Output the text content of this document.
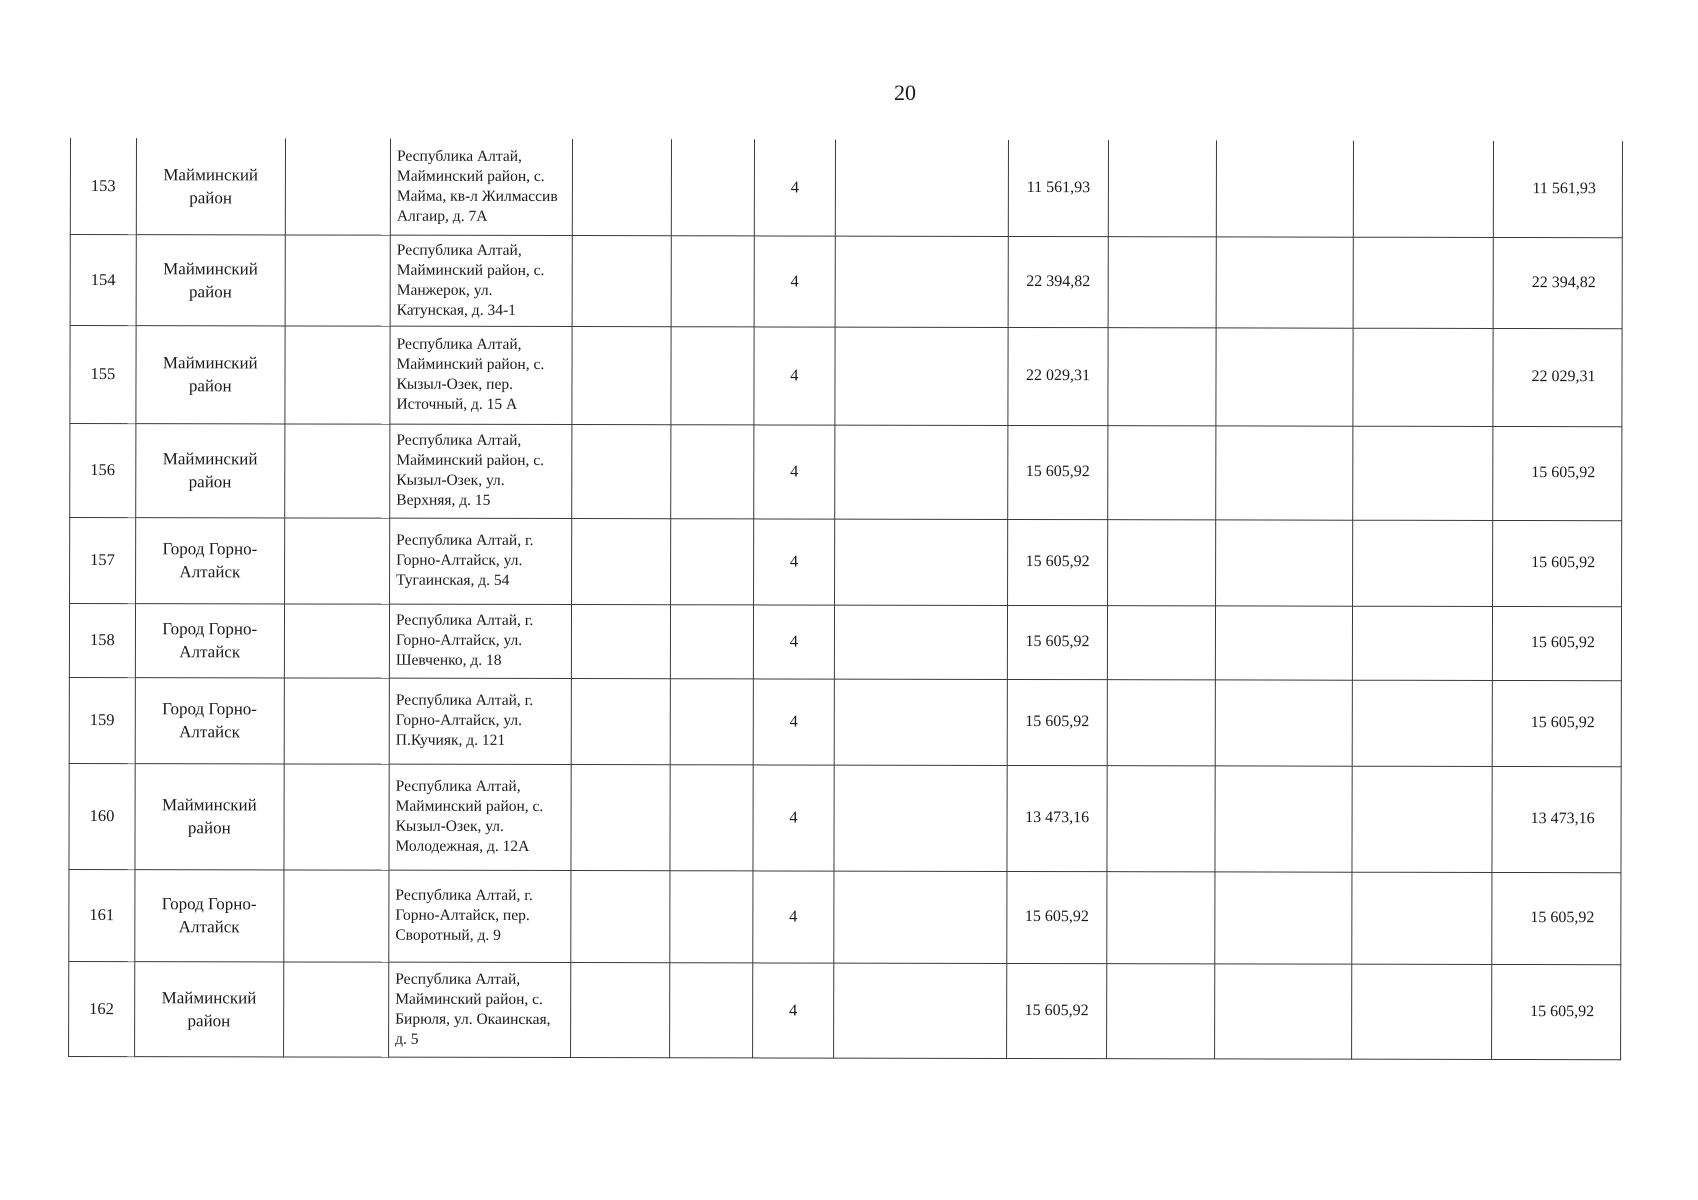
20
153	Майминский район		Республика Алтай, Майминский район, с. Майма, кв-л Жилмассив Алгаир, д. 7А			4		11 561,93				11 561,93
154	Майминский район		Республика Алтай, Майминский район, с. Манжерок, ул. Катунская, д. 34-1			4		22 394,82				22 394,82
155	Майминский район		Республика Алтай, Майминский район, с. Кызыл-Озек, пер. Источный, д. 15 А			4		22 029,31				22 029,31
156	Майминский район		Республика Алтай, Майминский район, с. Кызыл-Озек, ул. Верхняя, д. 15			4		15 605,92				15 605,92
157	Город Горно-Алтайск		Республика Алтай, г. Горно-Алтайск, ул. Тугаинская, д. 54			4		15 605,92				15 605,92
158	Город Горно-Алтайск		Республика Алтай, г. Горно-Алтайск, ул. Шевченко, д. 18			4		15 605,92				15 605,92
159	Город Горно-Алтайск		Республика Алтай, г. Горно-Алтайск, ул. П.Кучияк, д. 121			4		15 605,92				15 605,92
160	Майминский район		Республика Алтай, Майминский район, с. Кызыл-Озек, ул. Молодежная, д. 12А			4		13 473,16				13 473,16
161	Город Горно-Алтайск		Республика Алтай, г. Горно-Алтайск, пер. Своротный, д. 9			4		15 605,92				15 605,92
162	Майминский район		Республика Алтай, Майминский район, с. Бирюля, ул. Окаинская, д. 5			4		15 605,92				15 605,92
